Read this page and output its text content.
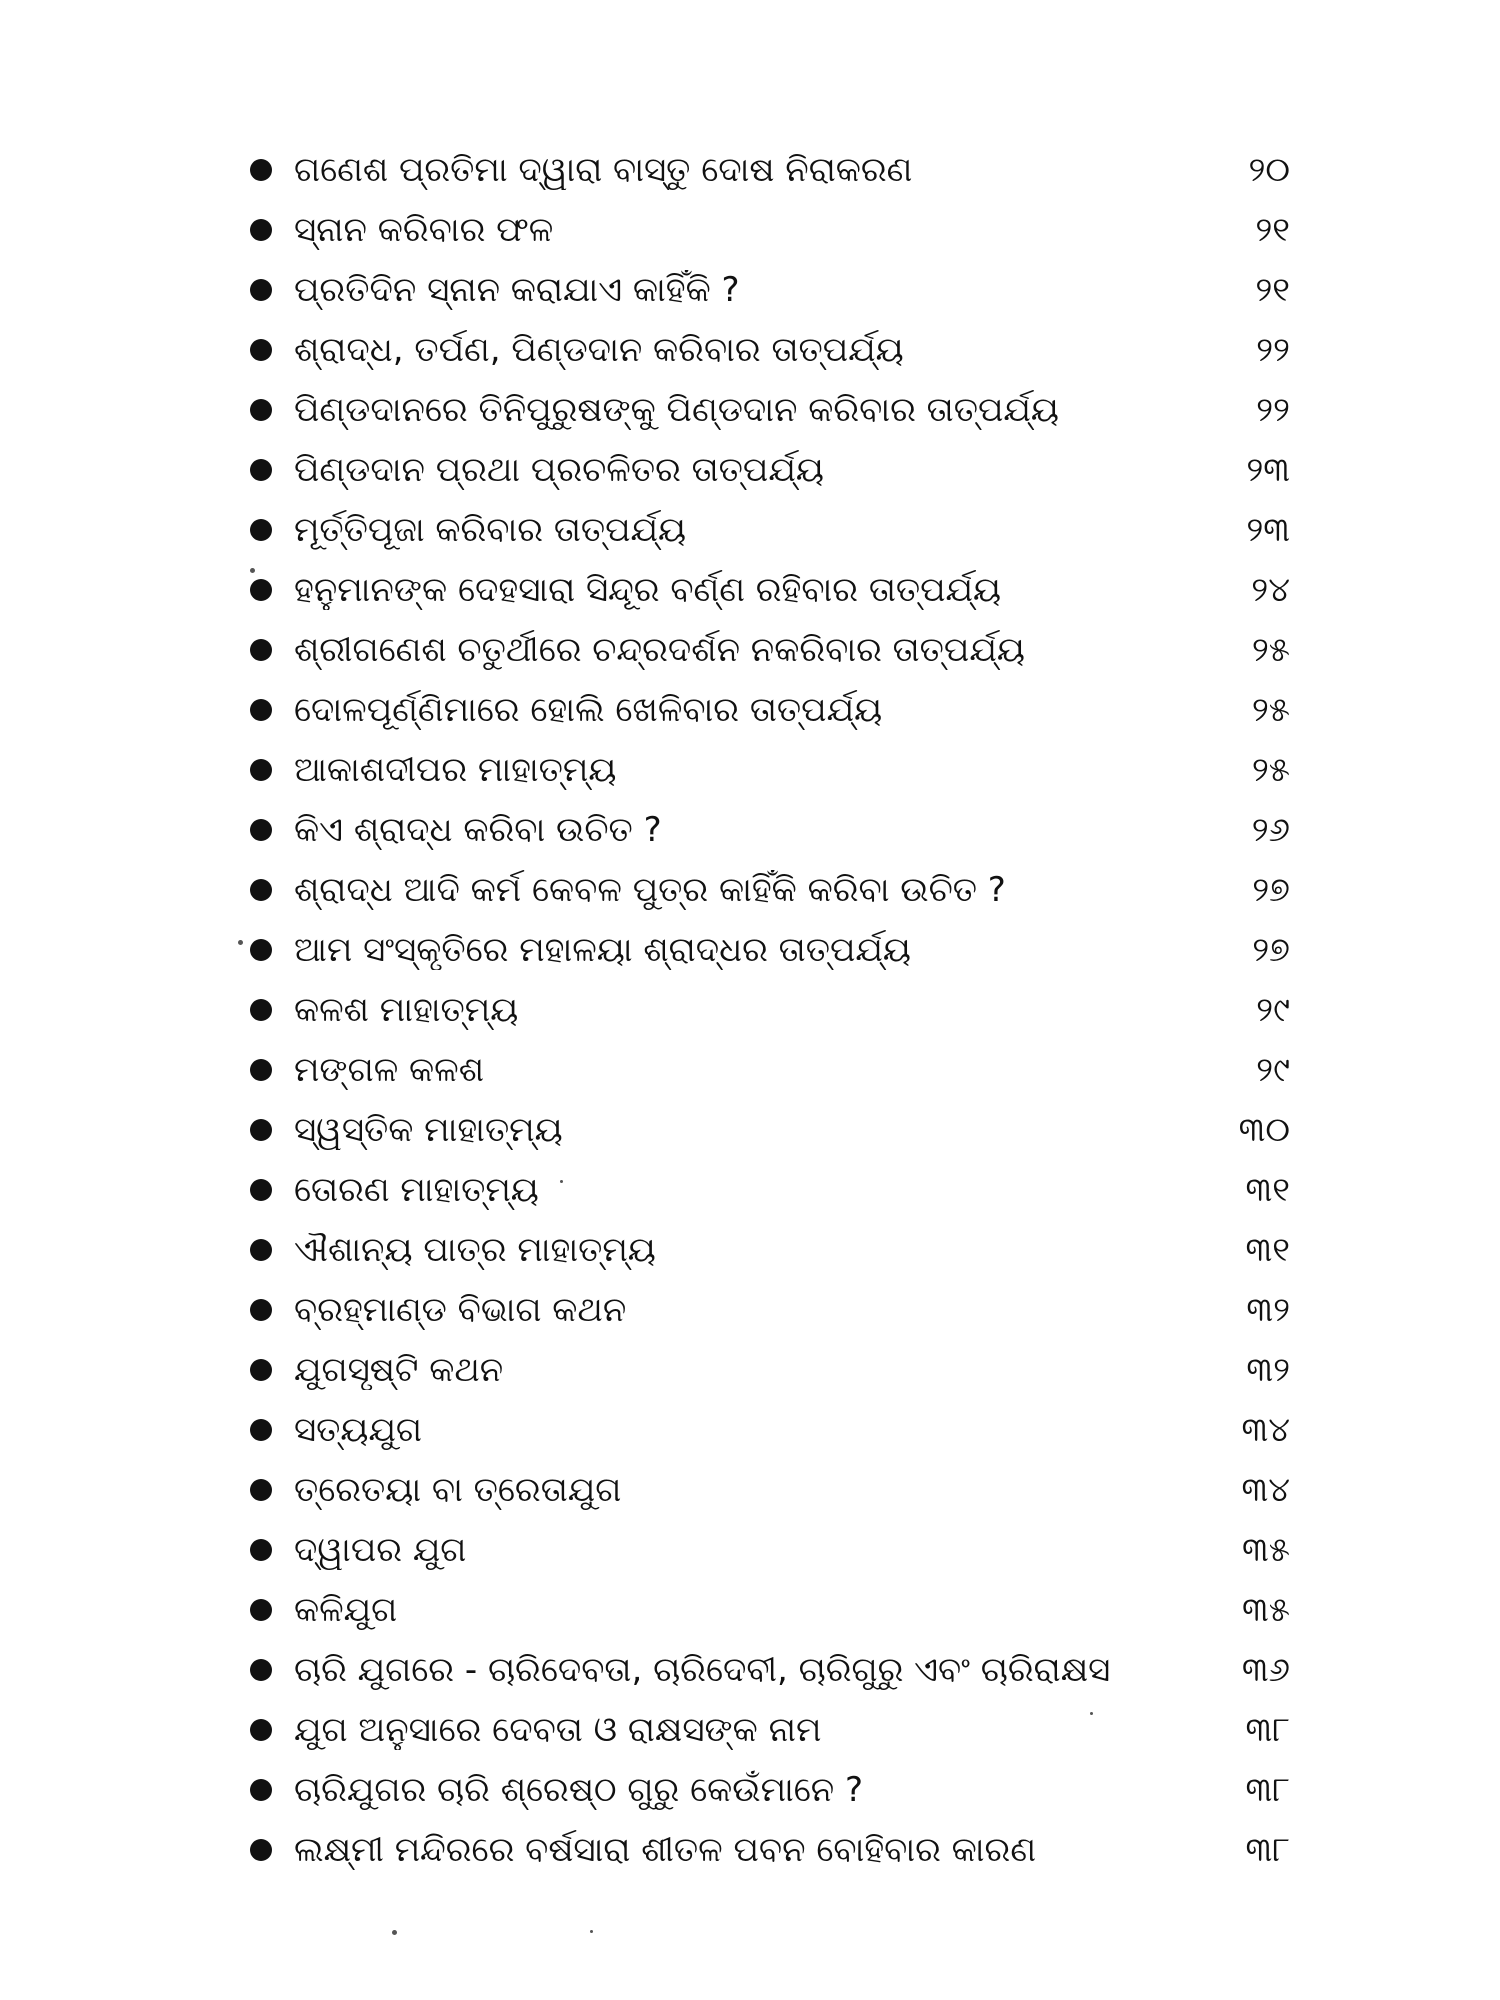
ଗଣେଶ ପ୍ରତିମା ଦ୍ୱାରା ବାସ୍ତୁ ଦୋଷ ନିରାକରଣ	୨୦
ସ୍ନାନ କରିବାର ଫଳ	୨୧
ପ୍ରତିଦିନ ସ୍ନାନ କରାଯାଏ କାହିଁକି ?	୨୧
ଶ୍ରାଦ୍ଧ, ତର୍ପଣ, ପିଣ୍ଡଦାନ କରିବାର ତାତ୍ପର୍ଯ୍ୟ	୨୨
ପିଣ୍ଡଦାନରେ ତିନିପୁରୁଷଙ୍କୁ ପିଣ୍ଡଦାନ କରିବାର ତାତ୍ପର୍ଯ୍ୟ	୨୨
ପିଣ୍ଡଦାନ ପ୍ରଥା ପ୍ରଚଳିତର ତାତ୍ପର୍ଯ୍ୟ	୨୩
ମୂର୍ତ୍ତିପୂଜା କରିବାର ତାତ୍ପର୍ଯ୍ୟ	୨୩
ହନୁମାନଙ୍କ ଦେହସାରା ସିନ୍ଦୂର ବର୍ଣ୍ଣ ରହିବାର ତାତ୍ପର୍ଯ୍ୟ	୨୪
ଶ୍ରୀଗଣେଶ ଚତୁର୍ଥୀରେ ଚନ୍ଦ୍ରଦର୍ଶନ ନକରିବାର ତାତ୍ପର୍ଯ୍ୟ	୨୫
ଦୋଳପୂର୍ଣ୍ଣିମାରେ ହୋଲି ଖେଳିବାର ତାତ୍ପର୍ଯ୍ୟ	୨୫
ଆକାଶଦୀପର ମାହାତ୍ମ୍ୟ	୨୫
କିଏ ଶ୍ରାଦ୍ଧ କରିବା ଉଚିତ ?	୨୬
ଶ୍ରାଦ୍ଧ ଆଦି କର୍ମ କେବଳ ପୁତ୍ର କାହିଁକି କରିବା ଉଚିତ ?	୨୭
ଆମ ସଂସ୍କୃତିରେ ମହାଳୟା ଶ୍ରାଦ୍ଧର ତାତ୍ପର୍ଯ୍ୟ	୨୭
କଳଶ ମାହାତ୍ମ୍ୟ	୨୯
ମଙ୍ଗଳ କଳଶ	୨୯
ସ୍ୱସ୍ତିକ ମାହାତ୍ମ୍ୟ	୩୦
ତୋରଣ ମାହାତ୍ମ୍ୟ	୩୧
ଐଶାନ୍ୟ ପାତ୍ର ମାହାତ୍ମ୍ୟ	୩୧
ବ୍ରହ୍ମାଣ୍ଡ ବିଭାଗ କଥନ	୩୨
ଯୁଗସୃଷ୍ଟି କଥନ	୩୨
ସତ୍ୟଯୁଗ	୩୪
ତ୍ରେତୟା ବା ତ୍ରେତାଯୁଗ	୩୪
ଦ୍ୱାପର ଯୁଗ	୩୫
କଳିଯୁଗ	୩୫
ଚାରି ଯୁଗରେ - ଚାରିଦେବତା, ଚାରିଦେବୀ, ଚାରିଗୁରୁ ଏବଂ ଚାରିରାକ୍ଷସ	୩୬
ଯୁଗ ଅନୁସାରେ ଦେବତା ଓ ରାକ୍ଷସଙ୍କ ନାମ	୩୮
ଚାରିଯୁଗର ଚାରି ଶ୍ରେଷ୍ଠ ଗୁରୁ କେଉଁମାନେ ?	୩୮
ଲକ୍ଷ୍ମୀ ମନ୍ଦିରରେ ବର୍ଷସାରା ଶୀତଳ ପବନ ବୋହିବାର କାରଣ	୩୮
